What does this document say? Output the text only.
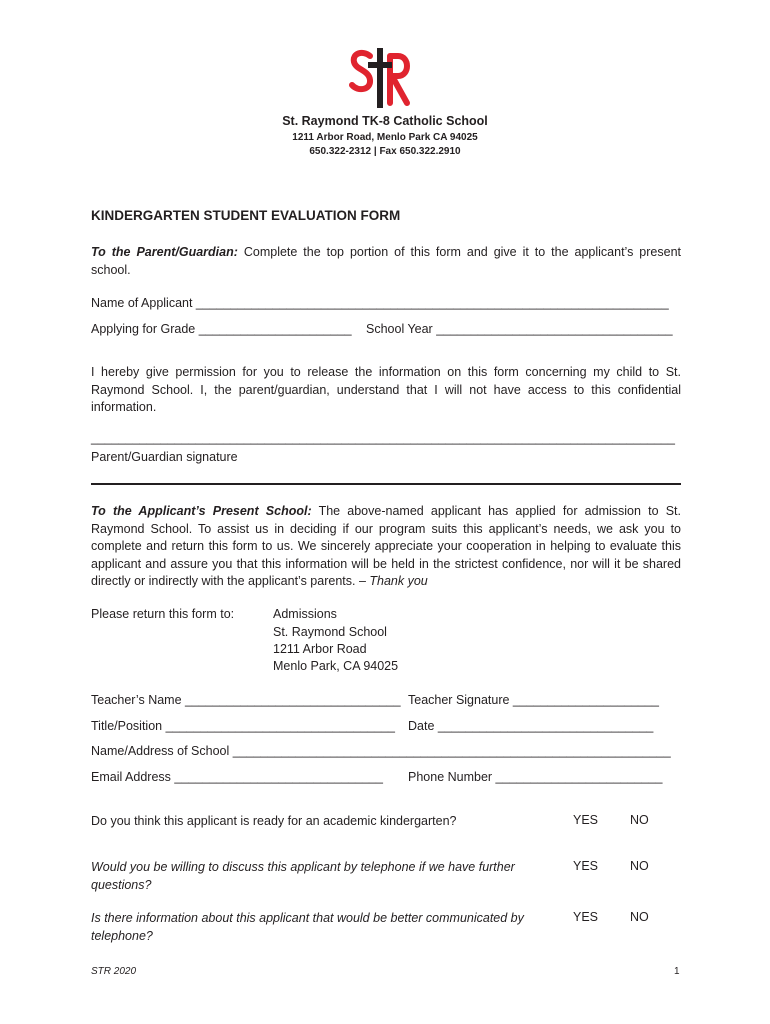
St. Raymond TK-8 Catholic School
1211 Arbor Road, Menlo Park CA 94025
650.322-2312 | Fax 650.322.2910
KINDERGARTEN STUDENT EVALUATION FORM
To the Parent/Guardian: Complete the top portion of this form and give it to the applicant’s present school.
Name of Applicant ____________________________________________________________________
Applying for Grade ______________________ School Year __________________________________
I hereby give permission for you to release the information on this form concerning my child to St. Raymond School. I, the parent/guardian, understand that I will not have access to this confidential information.
____________________________________________________________________________________
Parent/Guardian signature
To the Applicant’s Present School: The above-named applicant has applied for admission to St. Raymond School. To assist us in deciding if our program suits this applicant’s needs, we ask you to complete and return this form to us. We sincerely appreciate your cooperation in helping to evaluate this applicant and assure you that this information will be held in the strictest confidence, nor will it be shared directly or indirectly with the applicant’s parents. – Thank you
Please return this form to:	Admissions
St. Raymond School
1211 Arbor Road
Menlo Park, CA 94025
Teacher’s Name _______________________________ Teacher Signature _____________________
Title/Position _________________________________ Date _______________________________
Name/Address of School _______________________________________________________________
Email Address ______________________________ Phone Number ________________________
Do you think this applicant is ready for an academic kindergarten?	YES	NO
Would you be willing to discuss this applicant by telephone if we have further questions?
YES	NO
Is there information about this applicant that would be better communicated by telephone?
YES	NO
STR 2020	1
